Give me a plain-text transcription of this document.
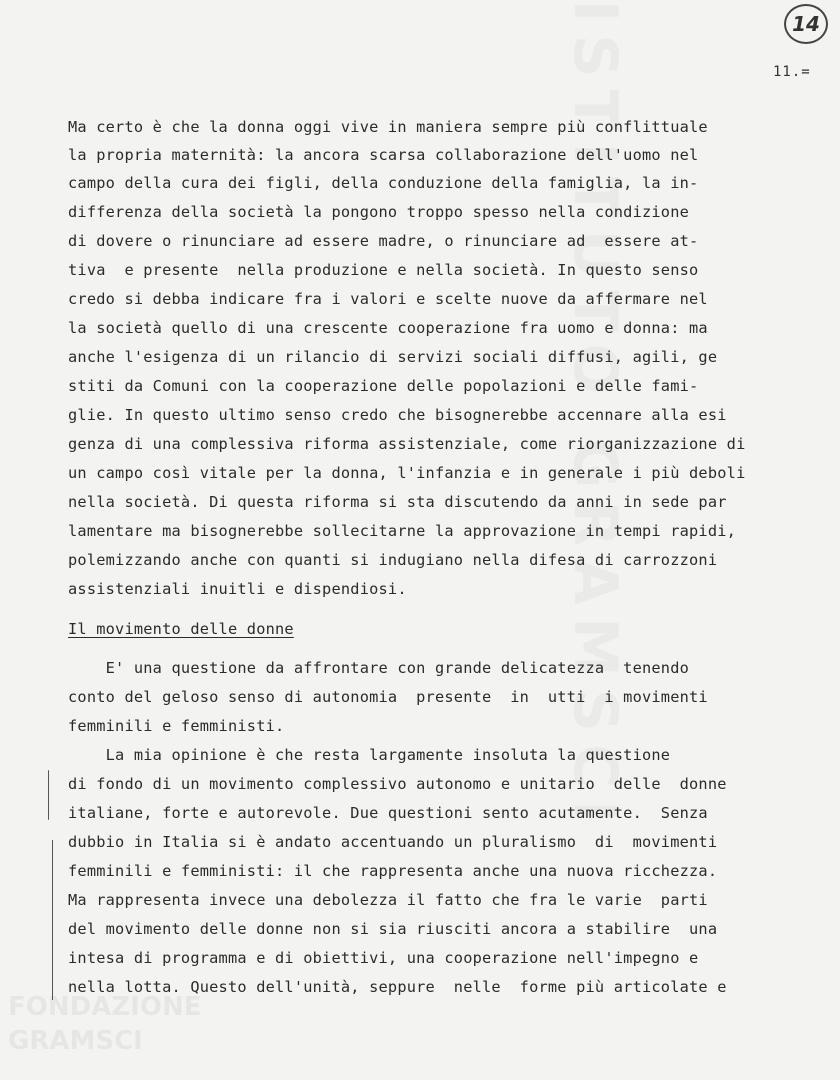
FONDAZIONE
GRAMSCI
14
11.=
Ma certo è che la donna oggi vive in maniera sempre più conflittuale
la propria maternità: la ancora scarsa collaborazione dell'uomo nel
campo della cura dei figli, della conduzione della famiglia, la in-
differenza della società la pongono troppo spesso nella condizione
di dovere o rinunciare ad essere madre, o rinunciare ad  essere at-
tiva  e presente  nella produzione e nella società. In questo senso
credo si debba indicare fra i valori e scelte nuove da affermare nel
la società quello di una crescente cooperazione fra uomo e donna: ma
anche l'esigenza di un rilancio di servizi sociali diffusi, agili, ge
stiti da Comuni con la cooperazione delle popolazioni e delle fami-
glie. In questo ultimo senso credo che bisognerebbe accennare alla esi
genza di una complessiva riforma assistenziale, come riorganizzazione di
un campo così vitale per la donna, l'infanzia e in generale i più deboli
nella società. Di questa riforma si sta discutendo da anni in sede par
lamentare ma bisognerebbe sollecitarne la approvazione in tempi rapidi,
polemizzando anche con quanti si indugiano nella difesa di carrozzoni
assistenziali inuitli e dispendiosi.
Il movimento delle donne
E' una questione da affrontare con grande delicatezza  tenendo
conto del geloso senso di autonomia  presente  in  utti  i movimenti
femminili e femministi.
La mia opinione è che resta largamente insoluta la questione
di fondo di un movimento complessivo autonomo e unitario  delle  donne
italiane, forte e autorevole. Due questioni sento acutamente.  Senza
dubbio in Italia si è andato accentuando un pluralismo  di  movimenti
femminili e femministi: il che rappresenta anche una nuova ricchezza.
Ma rappresenta invece una debolezza il fatto che fra le varie  parti
del movimento delle donne non si sia riusciti ancora a stabilire  una
intesa di programma e di obiettivi, una cooperazione nell'impegno e
nella lotta. Questo dell'unità, seppure  nelle  forme più articolate e
